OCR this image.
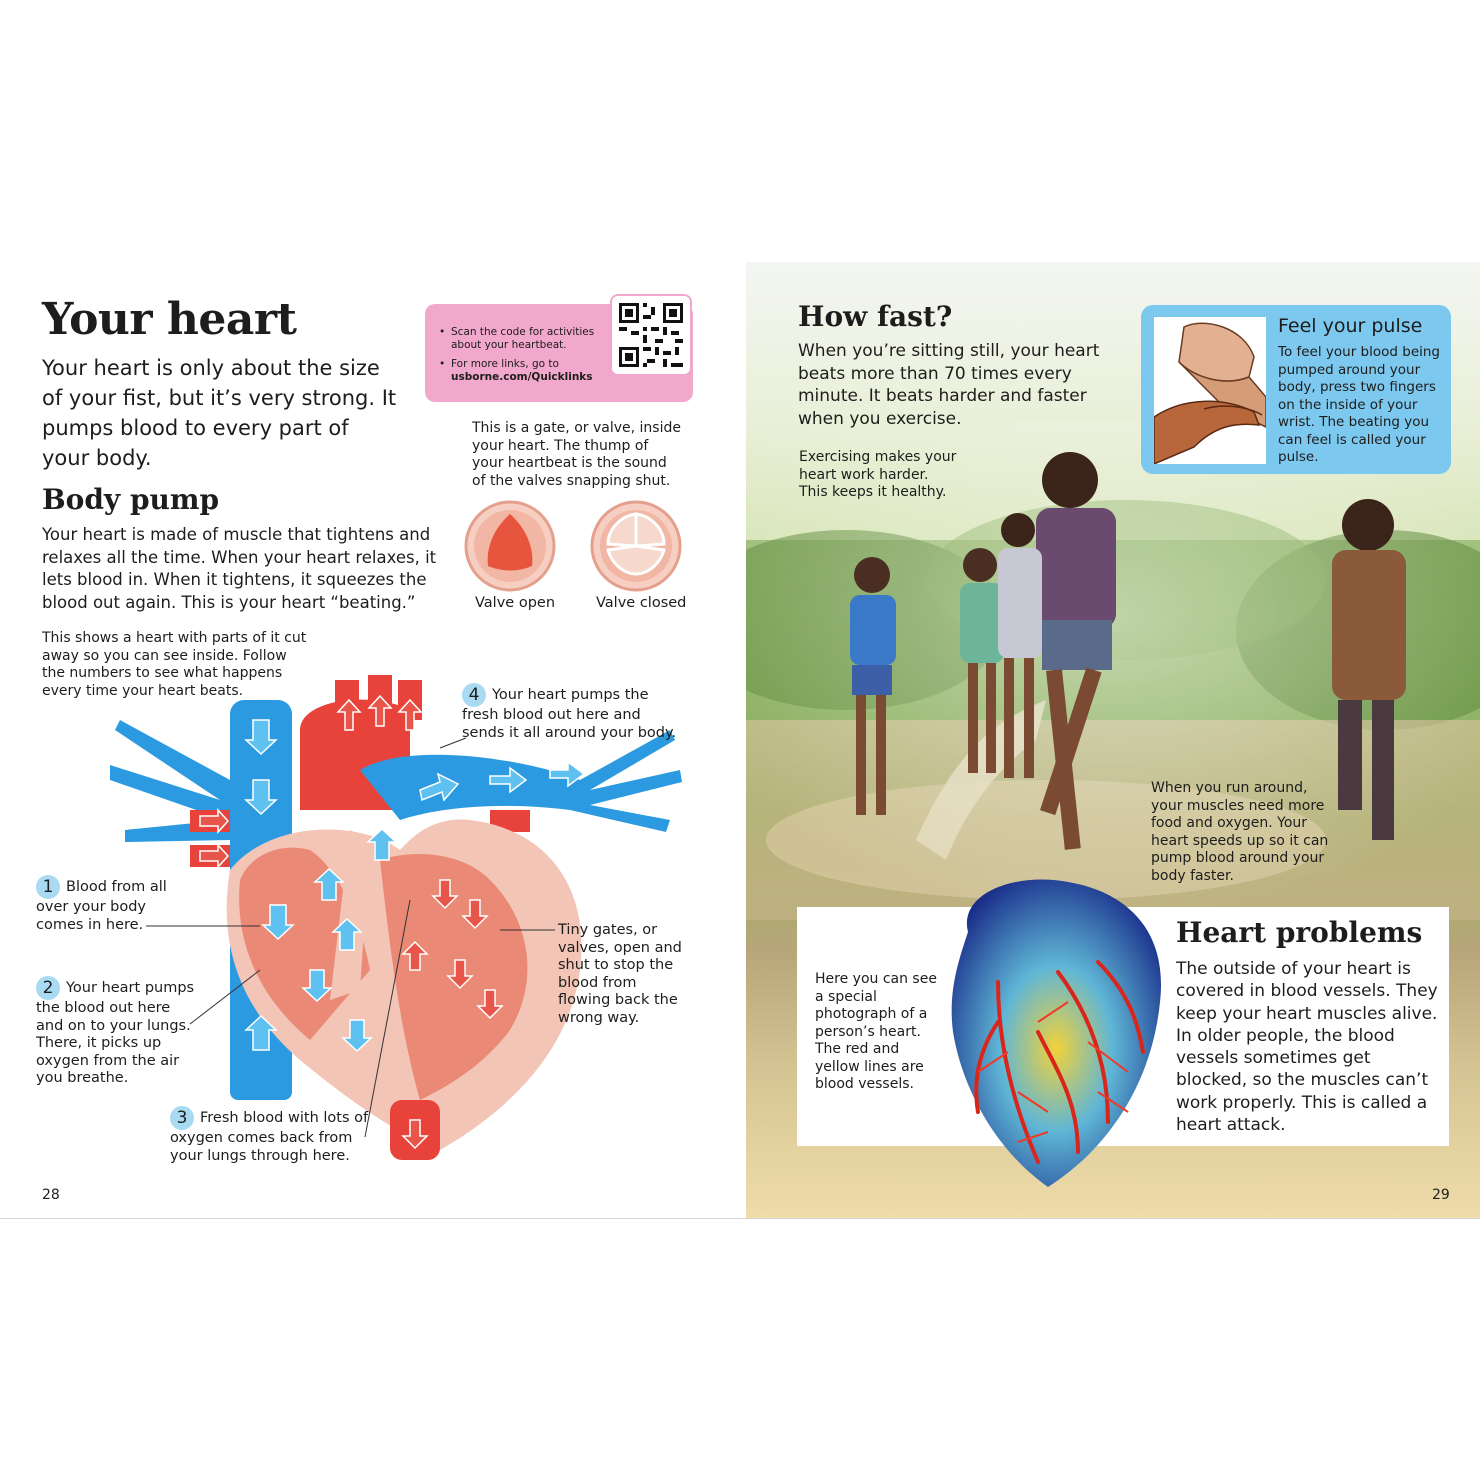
Your heart

Your heart is only about the size of your fist, but it’s very strong. It pumps blood to every part of your body.

• Scan the code for activities about your heartbeat.
• For more links, go to
usborne.com/Quicklinks

This is a gate, or valve, inside your heart. The thump of your heartbeat is the sound of the valves snapping shut.

Valve open	Valve closed

Body pump

Your heart is made of muscle that tightens and relaxes all the time. When your heart relaxes, it lets blood in. When it tightens, it squeezes the blood out again. This is your heart “beating.”

This shows a heart with parts of it cut away so you can see inside. Follow the numbers to see what happens every time your heart beats.

1 Blood from all over your body comes in here.

2 Your heart pumps the blood out here and on to your lungs. There, it picks up oxygen from the air you breathe.

3 Fresh blood with lots of oxygen comes back from your lungs through here.

4 Your heart pumps the fresh blood out here and sends it all around your body.

Tiny gates, or valves, open and shut to stop the blood from flowing back the wrong way.

28

How fast?

When you’re sitting still, your heart beats more than 70 times every minute. It beats harder and faster when you exercise.

Exercising makes your heart work harder. This keeps it healthy.

Feel your pulse

To feel your blood being pumped around your body, press two fingers on the inside of your wrist. The beating you can feel is called your pulse.

When you run around, your muscles need more food and oxygen. Your heart speeds up so it can pump blood around your body faster.

Here you can see a special photograph of a person’s heart. The red and yellow lines are blood vessels.

Heart problems

The outside of your heart is covered in blood vessels. They keep your heart muscles alive. In older people, the blood vessels sometimes get blocked, so the muscles can’t work properly. This is called a heart attack.

29
